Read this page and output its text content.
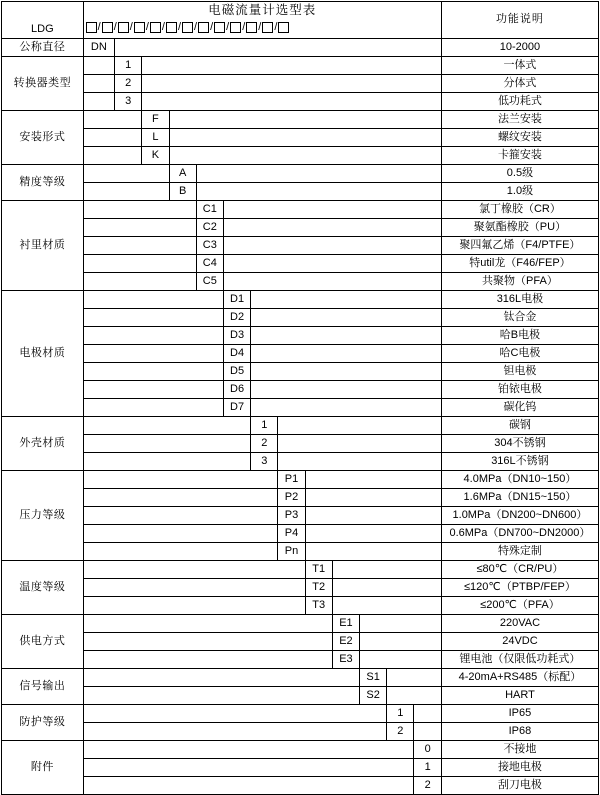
LDG	
电磁流量计选型表
/ / / / / / / / / / / /
	功能说明
公称直径	DN													10-2000
转换器类型		1												一体式
		2												分体式
		3												低功耗式
安装形式			F											法兰安装
			L											螺纹安装
			K											卡箍安装
精度等级				A										0.5级
				B										1.0级
衬里材质					C1									氯丁橡胶（CR）
					C2									聚氨酯橡胶（PU）
					C3									聚四氟乙烯（F4/PTFE）
					C4									特util龙（F46/FEP）
					C5									共聚物（PFA）
电极材质						D1								316L电极
						D2								钛合金
						D3								哈B电极
						D4								哈C电极
						D5								钽电极
						D6								铂铱电极
						D7								碳化钨
外壳材质							1							碳钢
							2							304不锈钢
							3							316L不锈钢
压力等级								P1						4.0MPa（DN10~150）
								P2						1.6MPa（DN15~150）
								P3						1.0MPa（DN200~DN600）
								P4						0.6MPa（DN700~DN2000）
								Pn						特殊定制
温度等级									T1					≤80℃（CR/PU）
									T2					≤120℃（PTBP/FEP）
									T3					≤200℃（PFA）
供电方式										E1				220VAC
										E2				24VDC
										E3				锂电池（仅限低功耗式）
信号输出											S1			4-20mA+RS485（标配）
											S2			HART
防护等级												1		IP65
												2		IP68
附件													0	不接地
													1	接地电极
													2	刮刀电极
